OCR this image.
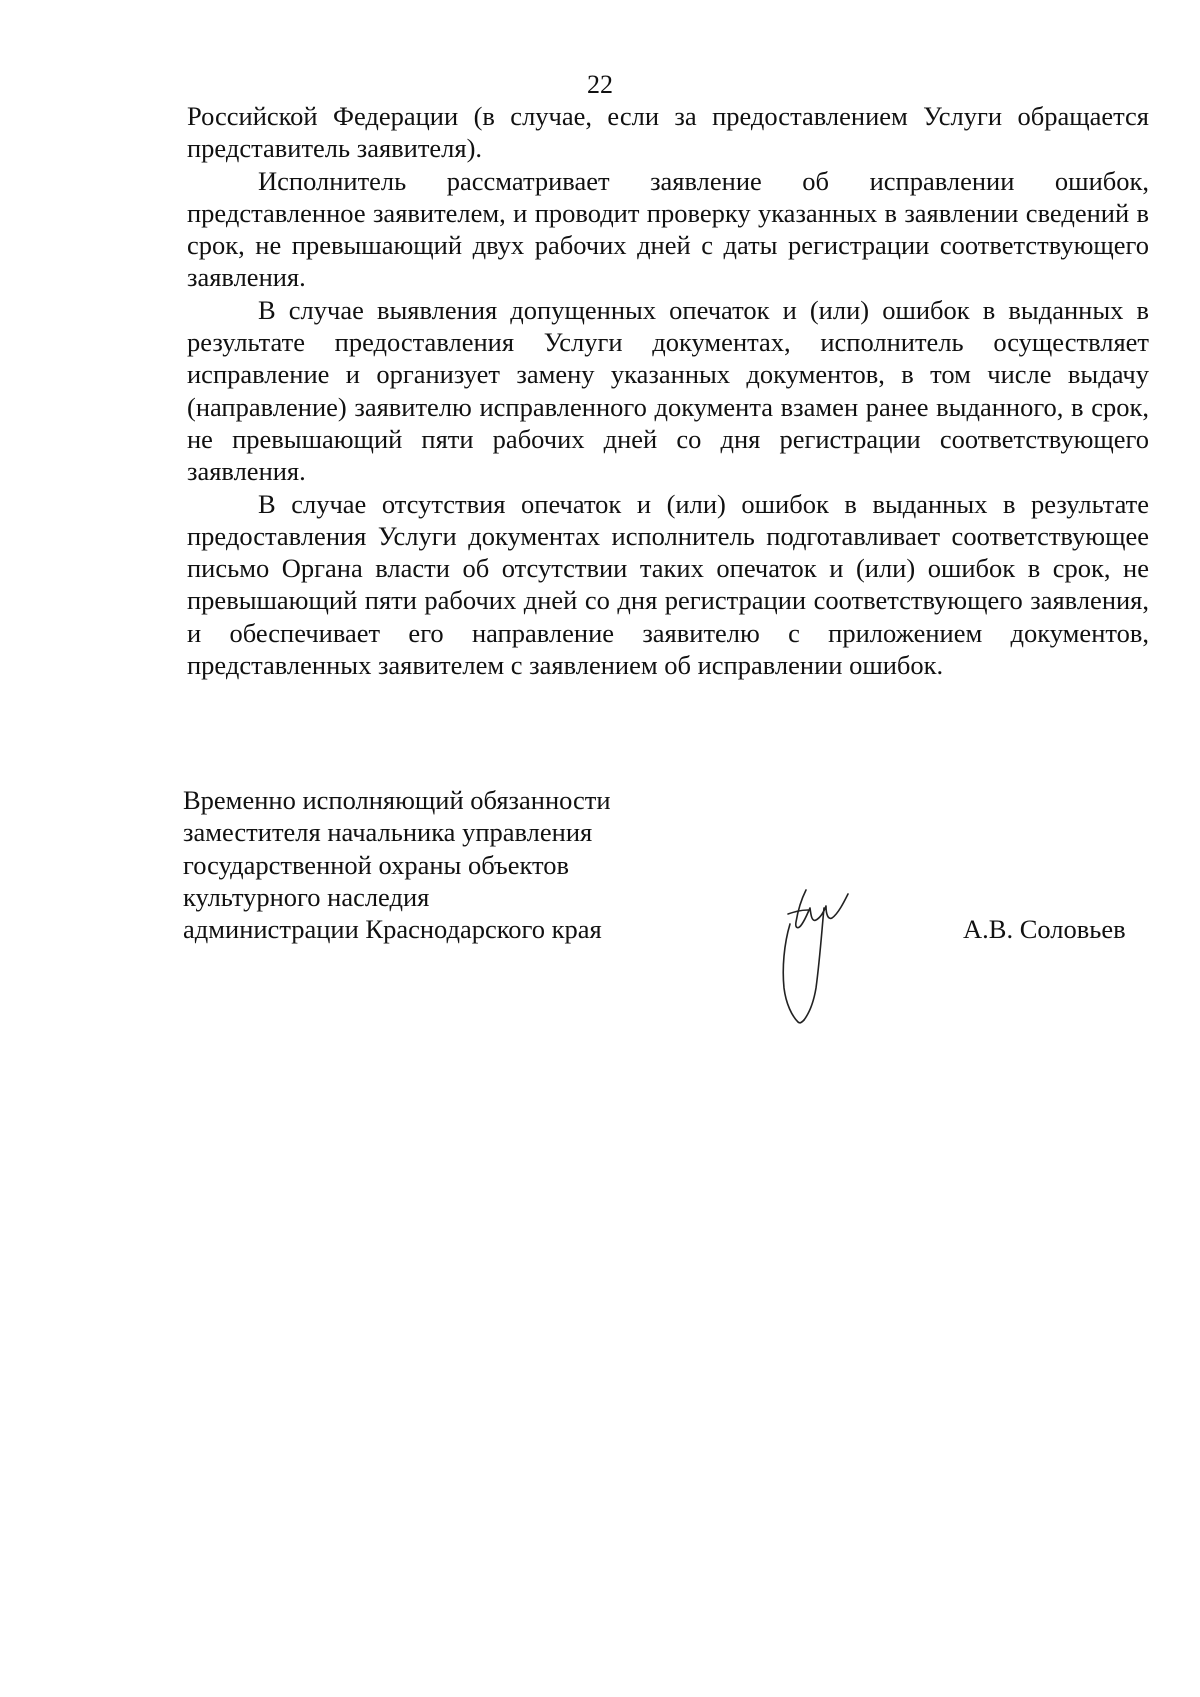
22

Российской Федерации (в случае, если за предоставлением Услуги обращается представитель заявителя).

Исполнитель рассматривает заявление об исправлении ошибок, представленное заявителем, и проводит проверку указанных в заявлении сведений в срок, не превышающий двух рабочих дней с даты регистрации соответствующего заявления.

В случае выявления допущенных опечаток и (или) ошибок в выданных в результате предоставления Услуги документах, исполнитель осуществляет исправление и организует замену указанных документов, в том числе выдачу (направление) заявителю исправленного документа взамен ранее выданного, в срок, не превышающий пяти рабочих дней со дня регистрации соответствующего заявления.

В случае отсутствия опечаток и (или) ошибок в выданных в результате предоставления Услуги документах исполнитель подготавливает соответствующее письмо Органа власти об отсутствии таких опечаток и (или) ошибок в срок, не превышающий пяти рабочих дней со дня регистрации соответствующего заявления, и обеспечивает его направление заявителю с приложением документов, представленных заявителем с заявлением об исправлении ошибок.

Временно исполняющий обязанности
заместителя начальника управления
государственной охраны объектов
культурного наследия
администрации Краснодарского края	А.В. Соловьев
